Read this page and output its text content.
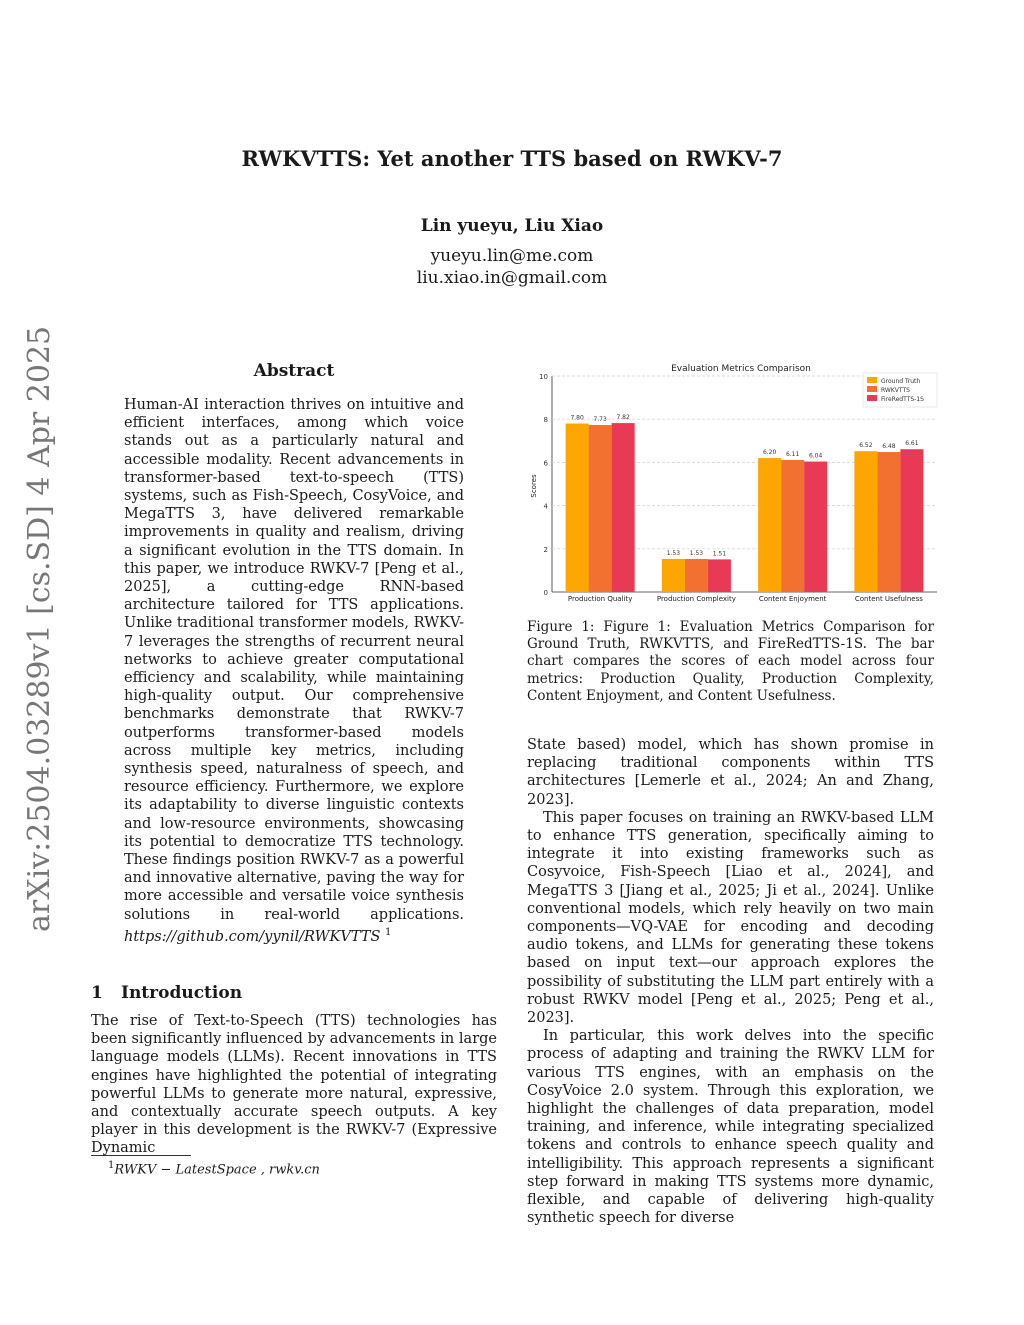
RWKVTTS: Yet another TTS based on RWKV-7
Lin yueyu, Liu Xiao
yueyu.lin@me.com
liu.xiao.in@gmail.com
arXiv:2504.03289v1 [cs.SD] 4 Apr 2025	Abstract
Human-AI interaction thrives on intuitive and efficient interfaces, among which voice stands out as a particularly natural and accessible modality. Recent advancements in transformer-based text-to-speech (TTS) systems, such as Fish-Speech, CosyVoice, and MegaTTS 3, have delivered remarkable improvements in quality and realism, driving a significant evolution in the TTS domain. In this paper, we introduce RWKV-7 [Peng et al., 2025], a cutting-edge RNN-based architecture tailored for TTS applications. Unlike traditional transformer models, RWKV-7 leverages the strengths of recurrent neural networks to achieve greater computational efficiency and scalability, while maintaining high-quality output. Our comprehensive benchmarks demonstrate that RWKV-7 outperforms transformer-based models across multiple key metrics, including synthesis speed, naturalness of speech, and resource efficiency. Furthermore, we explore its adaptability to diverse linguistic contexts and low-resource environments, showcasing its potential to democratize TTS technology. These findings position RWKV-7 as a powerful and innovative alternative, paving the way for more accessible and versatile voice synthesis solutions in real-world applications. https://github.com/yynil/RWKVTTS $^1$
1 Introduction
The rise of Text-to-Speech (TTS) technologies has been significantly influenced by advancements in large language models (LLMs). Recent innovations in TTS engines have highlighted the potential of integrating powerful LLMs to generate more natural, expressive, and contextually accurate speech outputs. A key player in this development is the RWKV-7 (Expressive Dynamic
$^1$RWKV − LatestSpace , rwkv.cn
Evaluation Metrics Comparison
Scores
0
2
4
6
8
10
7.80 7.73 7.82
Production Quality
1.53 1.53 1.51
Production Complexity
6.20 6.11 6.04
Content Enjoyment
6.52 6.48 6.61
Content Usefulness
Ground Truth
RWKVTTS
FireRedTTS-1S
Figure 1: Figure 1: Evaluation Metrics Comparison for Ground Truth, RWKVTTS, and FireRedTTS-1S. The bar chart compares the scores of each model across four metrics: Production Quality, Production Complexity, Content Enjoyment, and Content Usefulness.

State based) model, which has shown promise in replacing traditional components within TTS architectures [Lemerle et al., 2024; An and Zhang, 2023].

This paper focuses on training an RWKV-based LLM to enhance TTS generation, specifically aiming to integrate it into existing frameworks such as Cosyvoice, Fish-Speech [Liao et al., 2024], and MegaTTS 3 [Jiang et al., 2025; Ji et al., 2024]. Unlike conventional models, which rely heavily on two main components—VQ-VAE for encoding and decoding audio tokens, and LLMs for generating these tokens based on input text—our approach explores the possibility of substituting the LLM part entirely with a robust RWKV model [Peng et al., 2025; Peng et al., 2023].

In particular, this work delves into the specific process of adapting and training the RWKV LLM for various TTS engines, with an emphasis on the CosyVoice 2.0 system. Through this exploration, we highlight the challenges of data preparation, model training, and inference, while integrating specialized tokens and controls to enhance speech quality and intelligibility. This approach represents a significant step forward in making TTS systems more dynamic, flexible, and capable of delivering high-quality synthetic speech for diverse
